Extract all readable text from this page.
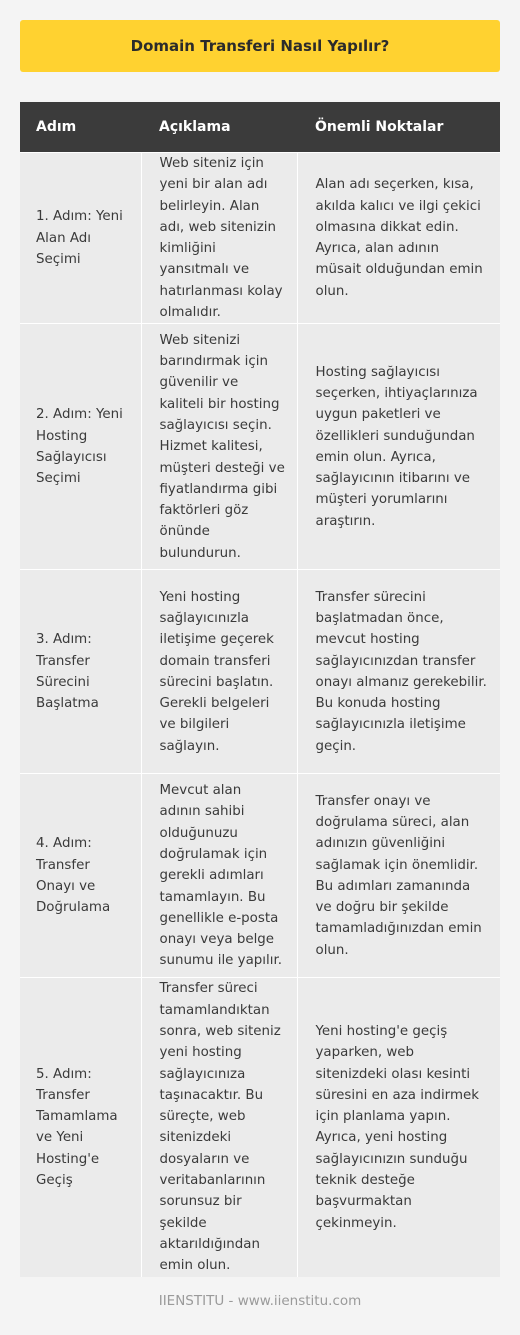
Domain Transferi Nasıl Yapılır?
Adım	Açıklama	Önemli Noktalar
1. Adım: Yeni Alan Adı Seçimi	Web siteniz için yeni bir alan adı belirleyin. Alan adı, web sitenizin kimliğini yansıtmalı ve hatırlanması kolay olmalıdır.	Alan adı seçerken, kısa, akılda kalıcı ve ilgi çekici olmasına dikkat edin. Ayrıca, alan adının müsait olduğundan emin olun.
2. Adım: Yeni Hosting Sağlayıcısı Seçimi	Web sitenizi barındırmak için güvenilir ve kaliteli bir hosting sağlayıcısı seçin. Hizmet kalitesi, müşteri desteği ve fiyatlandırma gibi faktörleri göz önünde bulundurun.	Hosting sağlayıcısı seçerken, ihtiyaçlarınıza uygun paketleri ve özellikleri sunduğundan emin olun. Ayrıca, sağlayıcının itibarını ve müşteri yorumlarını araştırın.
3. Adım: Transfer Sürecini Başlatma	Yeni hosting sağlayıcınızla iletişime geçerek domain transferi sürecini başlatın. Gerekli belgeleri ve bilgileri sağlayın.	Transfer sürecini başlatmadan önce, mevcut hosting sağlayıcınızdan transfer onayı almanız gerekebilir. Bu konuda hosting sağlayıcınızla iletişime geçin.
4. Adım: Transfer Onayı ve Doğrulama	Mevcut alan adının sahibi olduğunuzu doğrulamak için gerekli adımları tamamlayın. Bu genellikle e-posta onayı veya belge sunumu ile yapılır.	Transfer onayı ve doğrulama süreci, alan adınızın güvenliğini sağlamak için önemlidir. Bu adımları zamanında ve doğru bir şekilde tamamladığınızdan emin olun.
5. Adım: Transfer Tamamlama ve Yeni Hosting'e Geçiş	Transfer süreci tamamlandıktan sonra, web siteniz yeni hosting sağlayıcınıza taşınacaktır. Bu süreçte, web sitenizdeki dosyaların ve veritabanlarının sorunsuz bir şekilde aktarıldığından emin olun.	Yeni hosting'e geçiş yaparken, web sitenizdeki olası kesinti süresini en aza indirmek için planlama yapın. Ayrıca, yeni hosting sağlayıcınızın sunduğu teknik desteğe başvurmaktan çekinmeyin.
IIENSTITU - www.iienstitu.com
